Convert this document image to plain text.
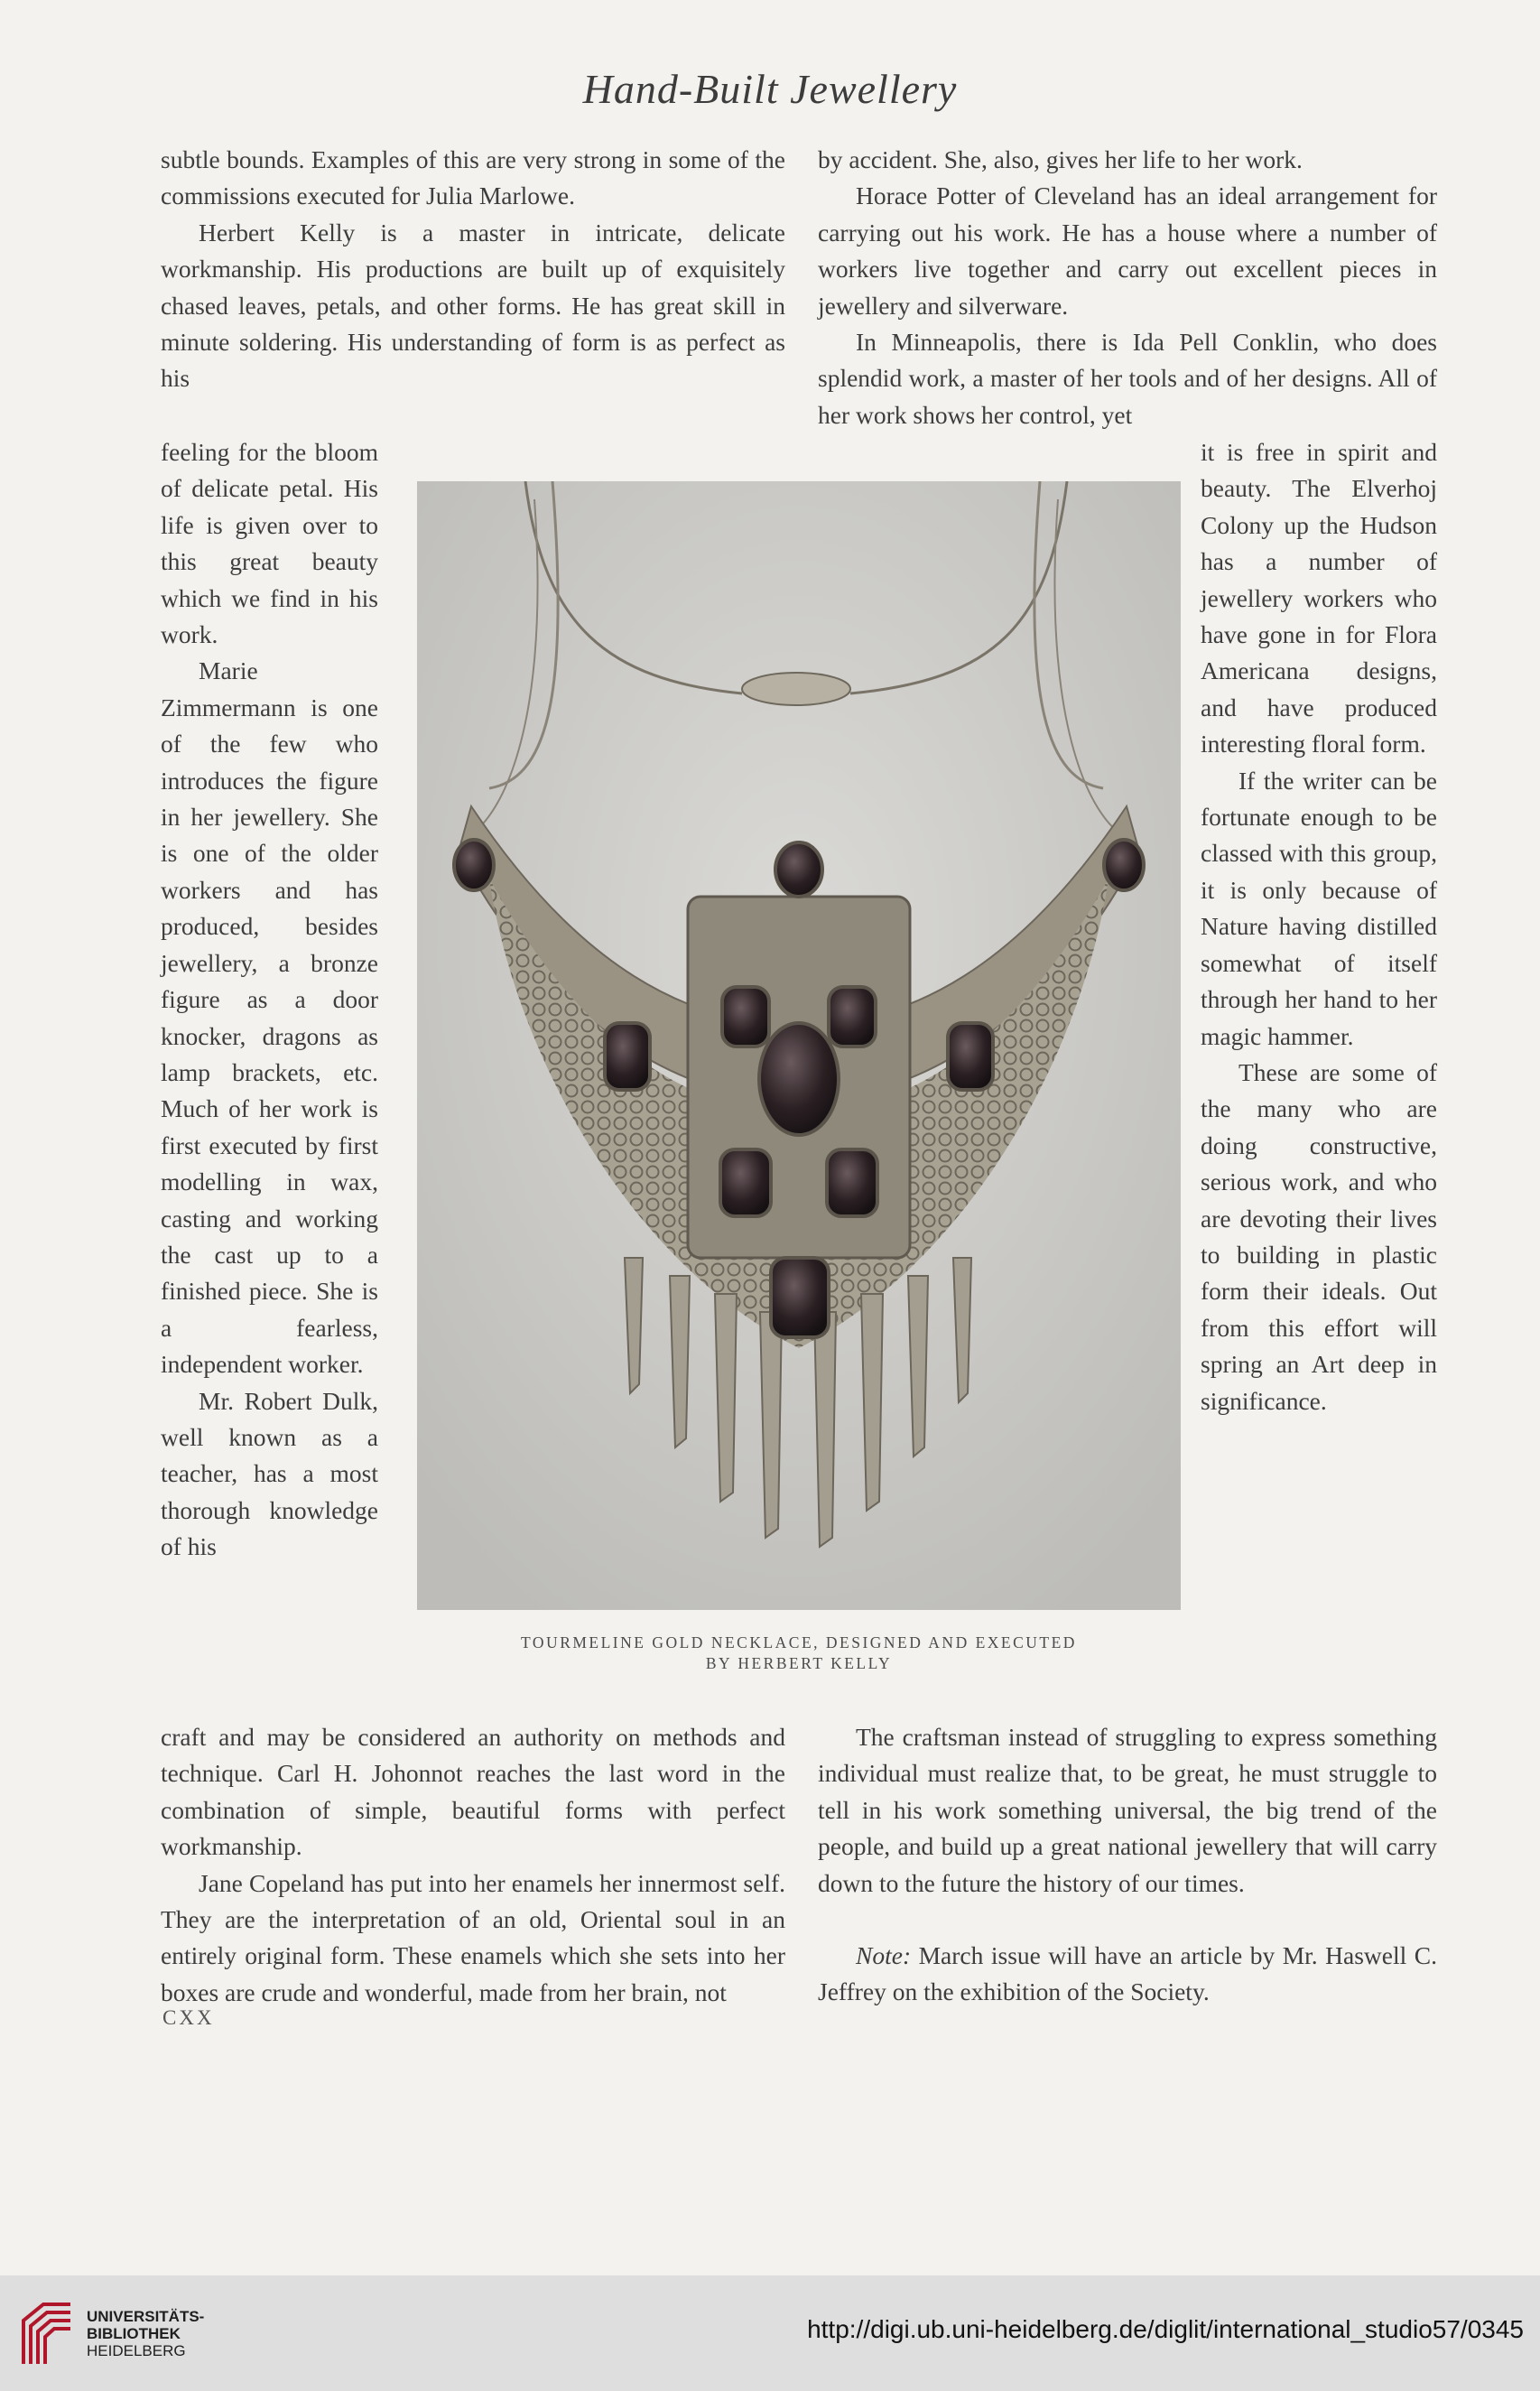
Hand-Built Jewellery

subtle bounds. Examples of this are very strong in some of the commissions executed for Julia Marlowe.

Herbert Kelly is a master in intricate, delicate workmanship. His productions are built up of exquisitely chased leaves, petals, and other forms. He has great skill in minute soldering. His understanding of form is as perfect as his

feeling for the bloom of delicate petal. His life is given over to this great beauty which we find in his work.

Marie Zimmermann is one of the few who introduces the figure in her jewellery. She is one of the older workers and has produced, besides jewellery, a bronze figure as a door knocker, dragons as lamp brackets, etc. Much of her work is first executed by first modelling in wax, casting and working the cast up to a finished piece. She is a fearless, independent worker.

Mr. Robert Dulk, well known as a teacher, has a most thorough knowledge of his

craft and may be considered an authority on methods and technique. Carl H. Johonnot reaches the last word in the combination of simple, beautiful forms with perfect workmanship.

Jane Copeland has put into her enamels her innermost self. They are the interpretation of an old, Oriental soul in an entirely original form. These enamels which she sets into her boxes are crude and wonderful, made from her brain, not

by accident. She, also, gives her life to her work.

Horace Potter of Cleveland has an ideal arrangement for carrying out his work. He has a house where a number of workers live together and carry out excellent pieces in jewellery and silverware.

In Minneapolis, there is Ida Pell Conklin, who does splendid work, a master of her tools and of her designs. All of her work shows her control, yet

it is free in spirit and beauty. The Elverhoj Colony up the Hudson has a number of jewellery workers who have gone in for Flora Americana designs, and have produced interesting floral form.

If the writer can be fortunate enough to be classed with this group, it is only because of Nature having distilled somewhat of itself through her hand to her magic hammer.

These are some of the many who are doing constructive, serious work, and who are devoting their lives to building in plastic form their ideals. Out from this effort will spring an Art deep in significance.

The craftsman instead of struggling to express something individual must realize that, to be great, he must struggle to tell in his work something universal, the big trend of the people, and build up a great national jewellery that will carry down to the future the history of our times.

Note: March issue will have an article by Mr. Haswell C. Jeffrey on the exhibition of the Society.

TOURMELINE GOLD NECKLACE, DESIGNED AND EXECUTED
BY HERBERT KELLY
CXX
UNIVERSITÄTS-
BIBLIOTHEK
HEIDELBERG
http://digi.ub.uni-heidelberg.de/diglit/international_studio57/0345
